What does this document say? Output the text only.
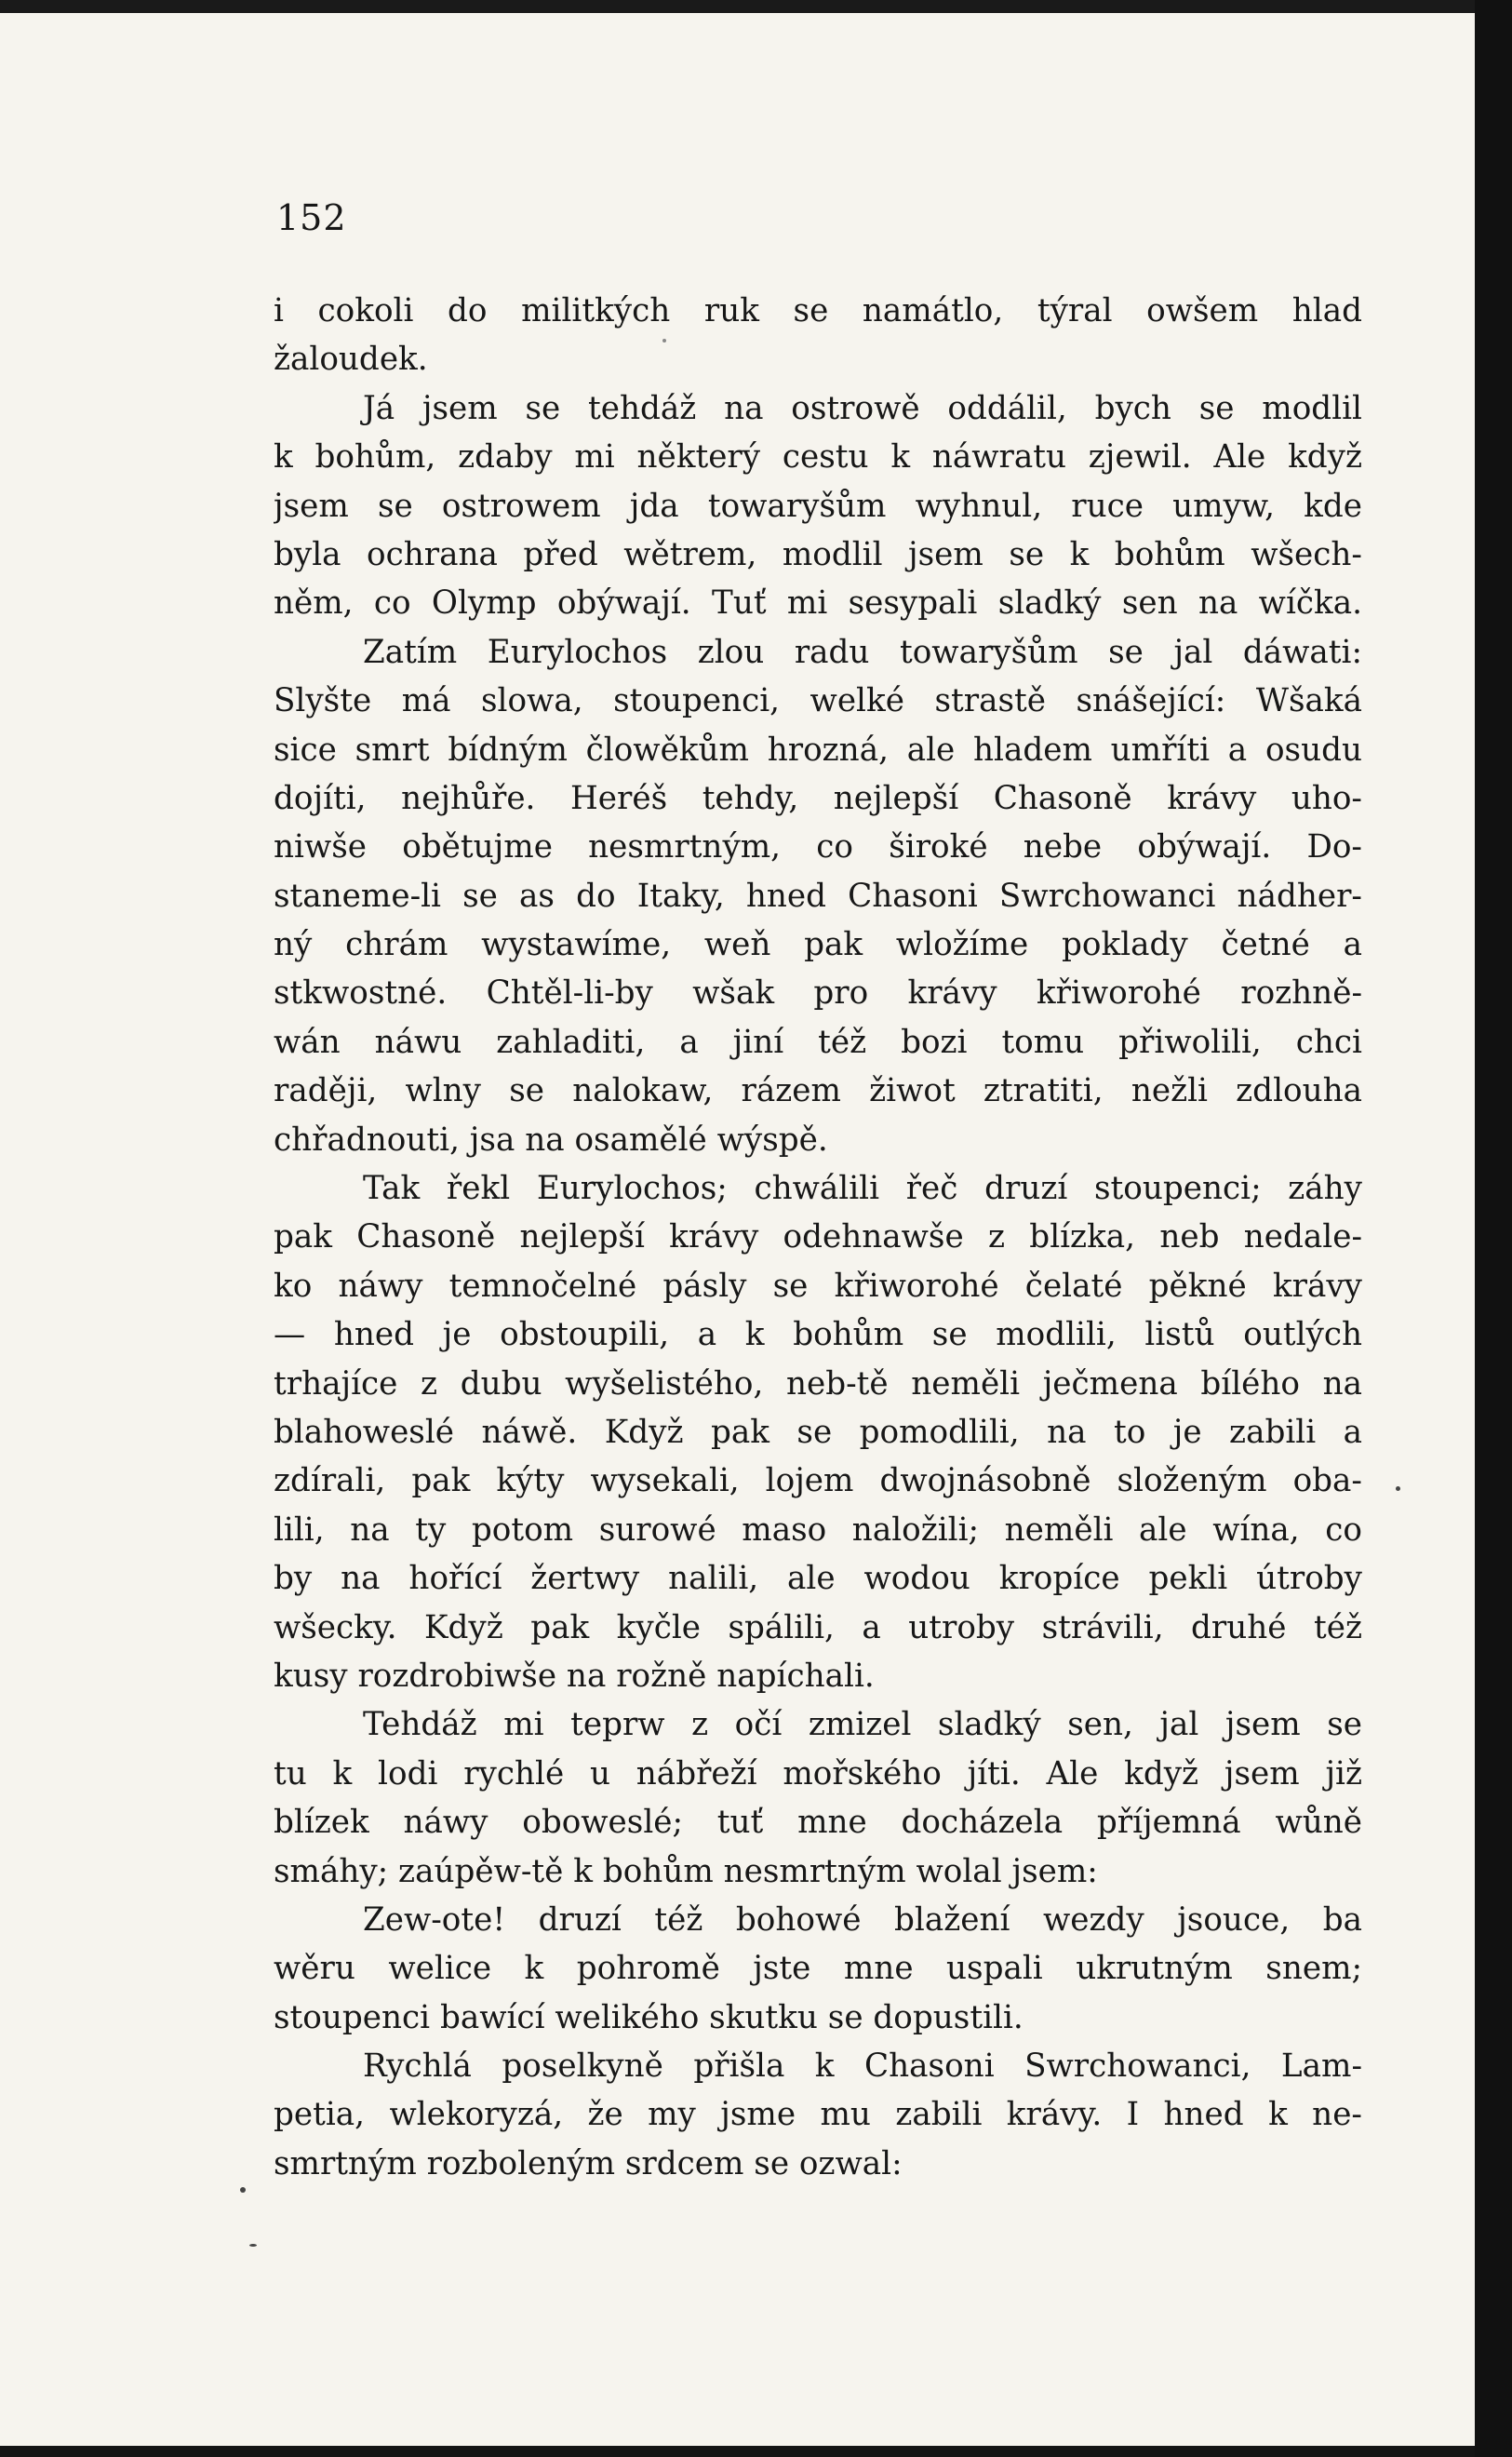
152
i cokoli do militkých ruk se namátlo, týral owšem hlad
žaloudek.
Já jsem se tehdáž na ostrowě oddálil, bych se modlil
k bohům, zdaby mi některý cestu k náwratu zjewil. Ale když
jsem se ostrowem jda towaryšům wyhnul, ruce umyw, kde
byla ochrana před wětrem, modlil jsem se k bohům wšech-
něm, co Olymp obýwají. Tuť mi sesypali sladký sen na wíčka.
Zatím Eurylochos zlou radu towaryšům se jal dáwati:
Slyšte má slowa, stoupenci, welké strastě snášející: Wšaká
sice smrt bídným člowěkům hrozná, ale hladem umříti a osudu
dojíti, nejhůře. Heréš tehdy, nejlepší Chasoně krávy uho-
niwše obětujme nesmrtným, co široké nebe obýwají. Do-
staneme-li se as do Itaky, hned Chasoni Swrchowanci nádher-
ný chrám wystawíme, weň pak wložíme poklady četné a
stkwostné. Chtěl-li-by wšak pro krávy křiworohé rozhně-
wán náwu zahladiti, a jiní též bozi tomu přiwolili, chci
raději, wlny se nalokaw, rázem žiwot ztratiti, nežli zdlouha
chřadnouti, jsa na osamělé wýspě.
Tak řekl Eurylochos; chwálili řeč druzí stoupenci; záhy
pak Chasoně nejlepší krávy odehnawše z blízka, neb nedale-
ko náwy temnočelné pásly se křiworohé čelaté pěkné krávy
— hned je obstoupili, a k bohům se modlili, listů outlých
trhajíce z dubu wyšelistého, neb-tě neměli ječmena bílého na
blahoweslé náwě. Když pak se pomodlili, na to je zabili a
zdírali, pak kýty wysekali, lojem dwojnásobně složeným oba-
lili, na ty potom surowé maso naložili; neměli ale wína, co
by na hořící žertwy nalili, ale wodou kropíce pekli útroby
wšecky. Když pak kyčle spálili, a utroby strávili, druhé též
kusy rozdrobiwše na rožně napíchali.
Tehdáž mi teprw z očí zmizel sladký sen, jal jsem se
tu k lodi rychlé u nábřeží mořského jíti. Ale když jsem již
blízek náwy oboweslé; tuť mne docházela příjemná wůně
smáhy; zaúpěw-tě k bohům nesmrtným wolal jsem:
Zew-ote! druzí též bohowé blažení wezdy jsouce, ba
wěru welice k pohromě jste mne uspali ukrutným snem;
stoupenci bawící welikého skutku se dopustili.
Rychlá poselkyně přišla k Chasoni Swrchowanci, Lam-
petia, wlekoryzá, že my jsme mu zabili krávy. I hned k ne-
smrtným rozboleným srdcem se ozwal:
